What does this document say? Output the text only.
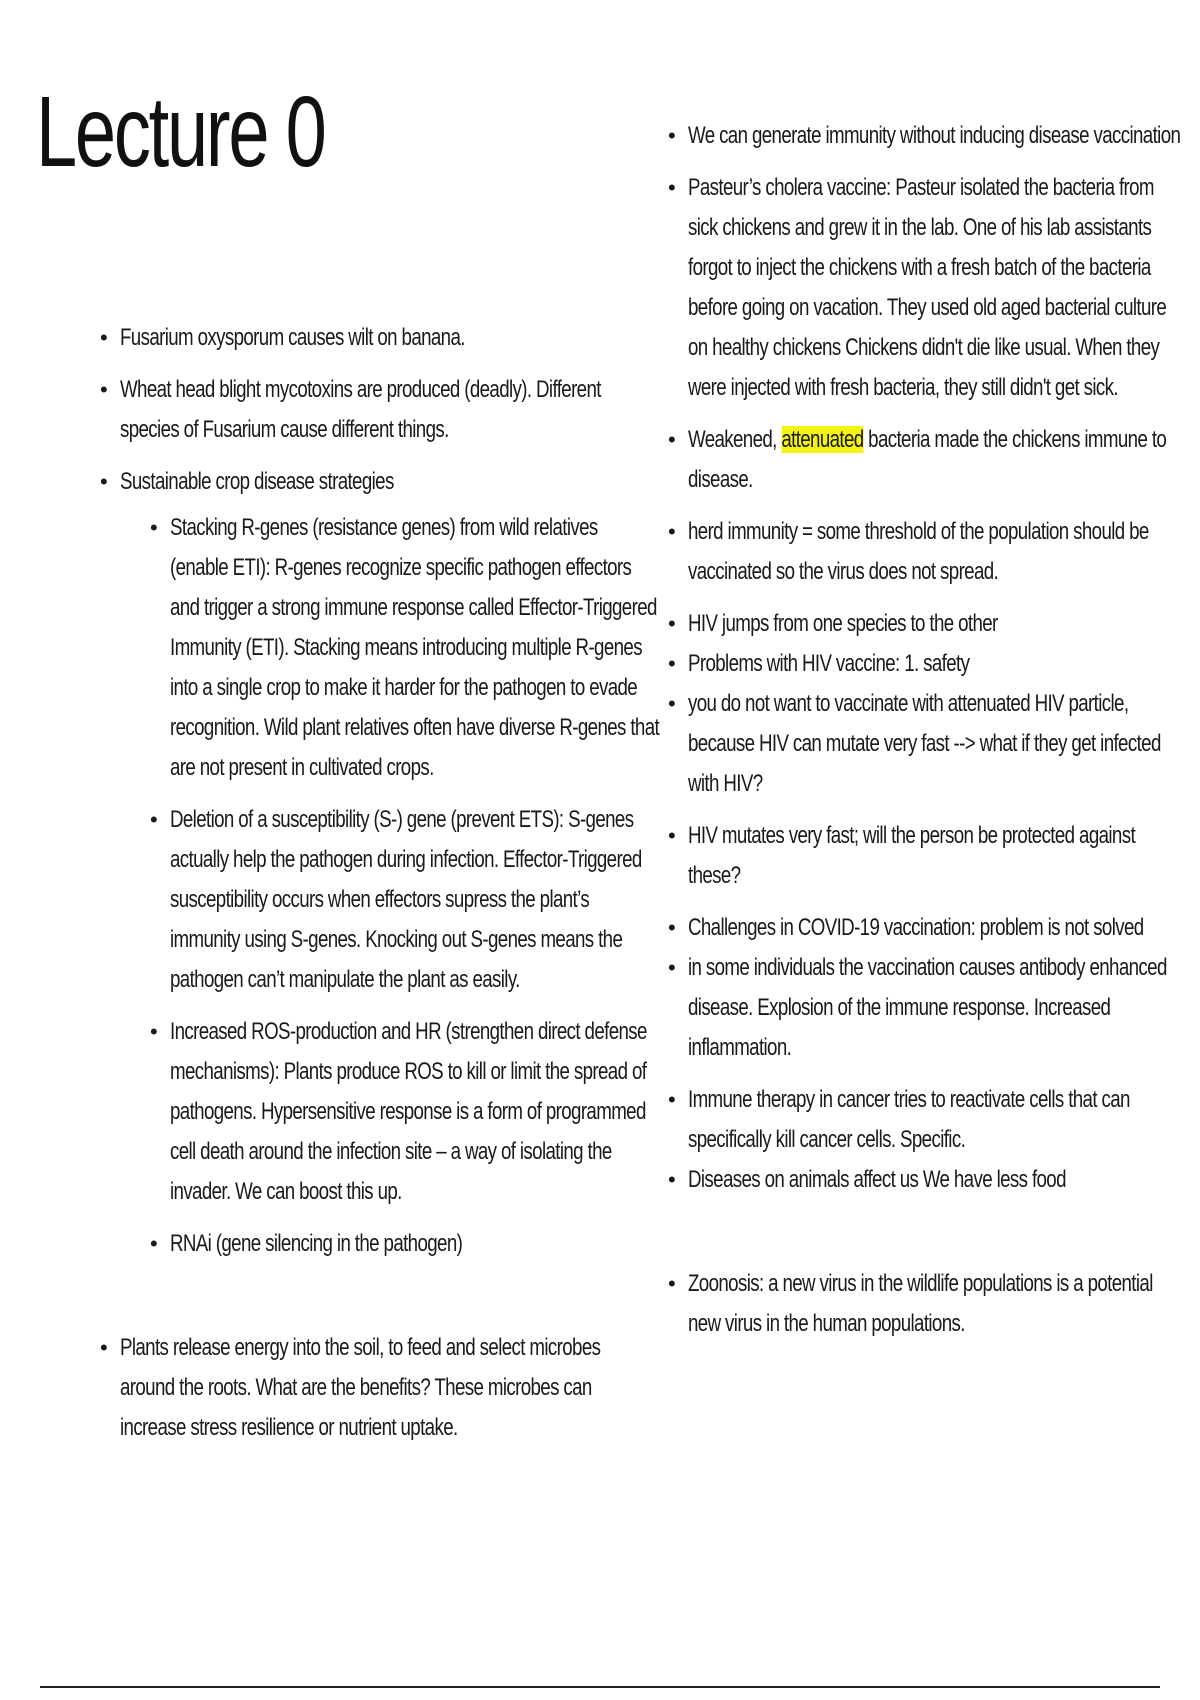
Lecture 0
• Fusarium oxysporum causes wilt on banana.
• Wheat head blight mycotoxins are produced (deadly). Different species of Fusarium cause different things.
• Sustainable crop disease strategies
• Stacking R-genes (resistance genes) from wild relatives (enable ETI): R-genes recognize specific pathogen effectors and trigger a strong immune response called Effector-Triggered Immunity (ETI). Stacking means introducing multiple R-genes into a single crop to make it harder for the pathogen to evade recognition. Wild plant relatives often have diverse R-genes that are not present in cultivated crops.
• Deletion of a susceptibility (S-) gene (prevent ETS): S-genes actually help the pathogen during infection. Effector-Triggered susceptibility occurs when effectors supress the plant’s immunity using S-genes. Knocking out S-genes means the pathogen can’t manipulate the plant as easily.
• Increased ROS-production and HR (strengthen direct defense mechanisms): Plants produce ROS to kill or limit the spread of pathogens. Hypersensitive response is a form of programmed cell death around the infection site – a way of isolating the invader. We can boost this up.
• RNAi (gene silencing in the pathogen)
• Plants release energy into the soil, to feed and select microbes around the roots. What are the benefits? These microbes can increase stress resilience or nutrient uptake.
• We can generate immunity without inducing disease vaccination
• Pasteur’s cholera vaccine: Pasteur isolated the bacteria from sick chickens and grew it in the lab. One of his lab assistants forgot to inject the chickens with a fresh batch of the bacteria before going on vacation. They used old aged bacterial culture on healthy chickens Chickens didn't die like usual. When they were injected with fresh bacteria, they still didn't get sick.
• Weakened, attenuated bacteria made the chickens immune to disease.
• herd immunity = some threshold of the population should be vaccinated so the virus does not spread.
• HIV jumps from one species to the other
• Problems with HIV vaccine: 1. safety
• you do not want to vaccinate with attenuated HIV particle, because HIV can mutate very fast --> what if they get infected with HIV?
• HIV mutates very fast; will the person be protected against these?
• Challenges in COVID-19 vaccination: problem is not solved
• in some individuals the vaccination causes antibody enhanced disease. Explosion of the immune response. Increased inflammation.
• Immune therapy in cancer tries to reactivate cells that can specifically kill cancer cells. Specific.
• Diseases on animals affect us We have less food
• Zoonosis: a new virus in the wildlife populations is a potential new virus in the human populations.
